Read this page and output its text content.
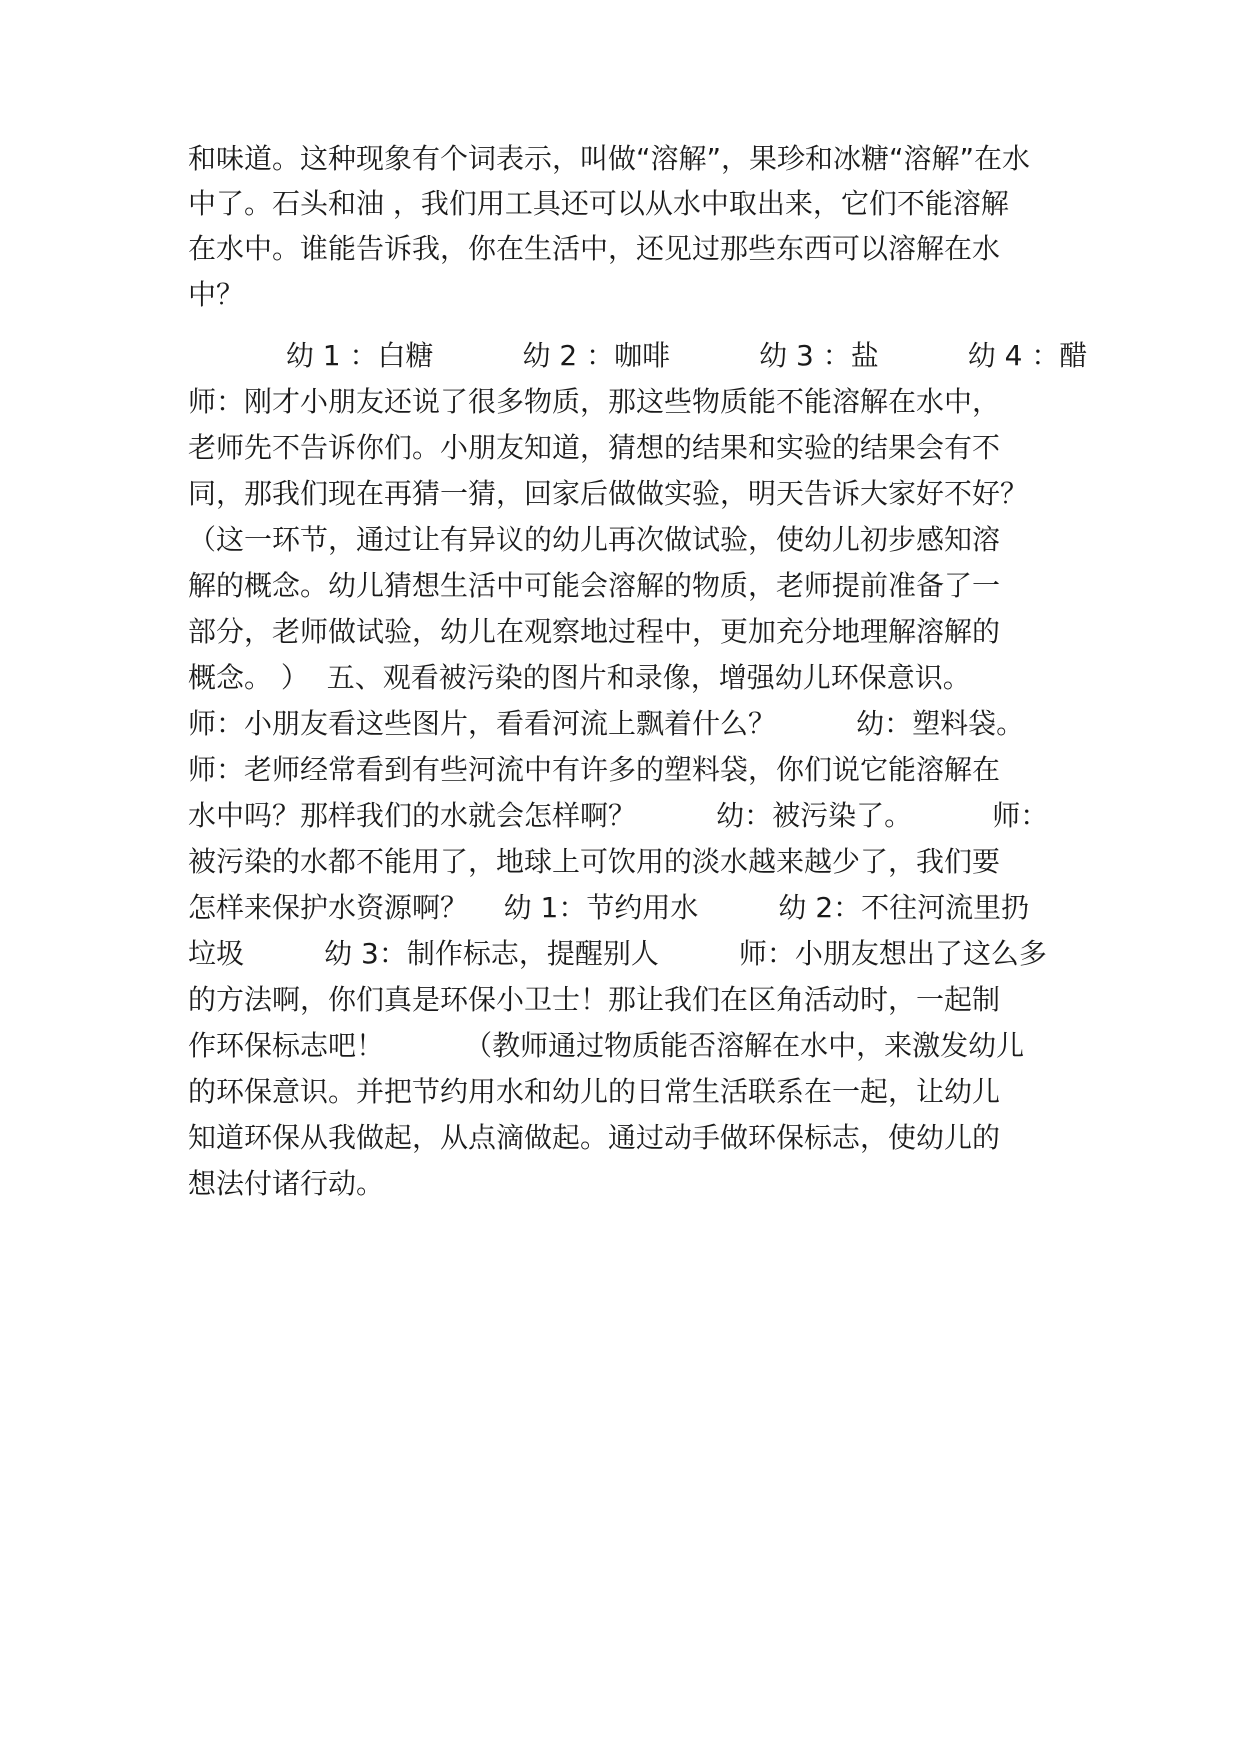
和味道。这种现象有个词表示，叫做“溶解”，果珍和冰糖“溶解”在水
中了。石头和油 ，我们用工具还可以从水中取出来，它们不能溶解
在水中。谁能告诉我，你在生活中，还见过那些东西可以溶解在水
中？
幼 1 ：白糖          幼 2 ：咖啡          幼 3 ：盐          幼 4 ：醋
师：刚才小朋友还说了很多物质，那这些物质能不能溶解在水中，
老师先不告诉你们。小朋友知道，猜想的结果和实验的结果会有不
同，那我们现在再猜一猜，回家后做做实验，明天告诉大家好不好？
（这一环节，通过让有异议的幼儿再次做试验，使幼儿初步感知溶
解的概念。幼儿猜想生活中可能会溶解的物质，老师提前准备了一
部分，老师做试验，幼儿在观察地过程中，更加充分地理解溶解的
概念。 ）  五、观看被污染的图片和录像，增强幼儿环保意识。
师：小朋友看这些图片，看看河流上飘着什么？         幼：塑料袋。
师：老师经常看到有些河流中有许多的塑料袋，你们说它能溶解在
水中吗？那样我们的水就会怎样啊？         幼：被污染了。         师：
被污染的水都不能用了，地球上可饮用的淡水越来越少了，我们要
怎样来保护水资源啊？    幼 1：节约用水         幼 2：不往河流里扔
垃圾         幼 3：制作标志，提醒别人         师：小朋友想出了这么多
的方法啊，你们真是环保小卫士！那让我们在区角活动时，一起制
作环保标志吧！         （教师通过物质能否溶解在水中，来激发幼儿
的环保意识。并把节约用水和幼儿的日常生活联系在一起，让幼儿
知道环保从我做起，从点滴做起。通过动手做环保标志，使幼儿的
想法付诸行动。
